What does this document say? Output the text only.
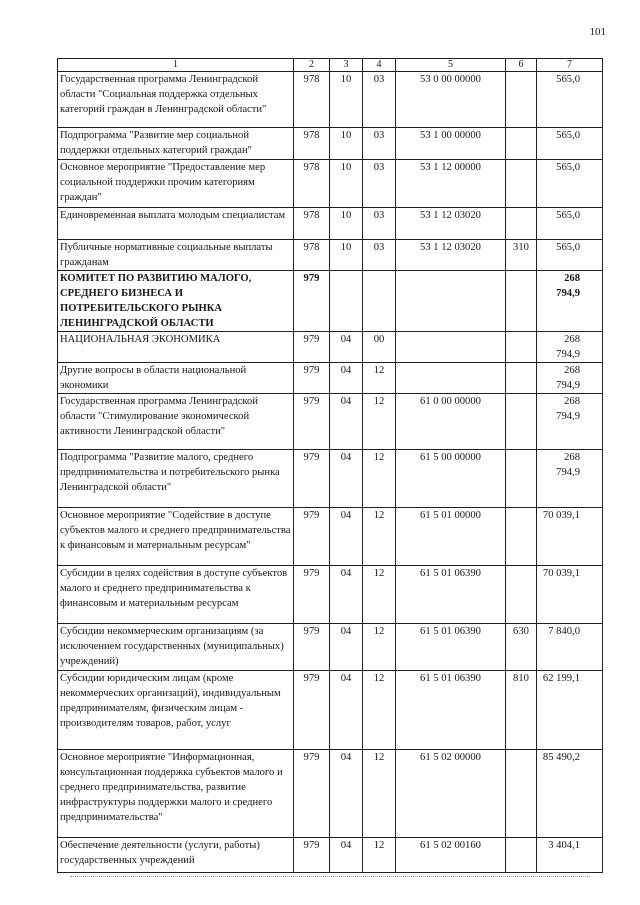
101
1	2	3	4	5	6	7
Государственная программа Ленинградской области "Социальная поддержка отдельных категорий граждан в Ленинградской области"	978	10	03	53 0 00 00000		565,0
Подпрограмма "Развитие мер социальной поддержки отдельных категорий граждан"	978	10	03	53 1 00 00000		565,0
Основное мероприятие "Предоставление мер социальной поддержки прочим категориям граждан"	978	10	03	53 1 12 00000		565,0
Единовременная выплата молодым специалистам	978	10	03	53 1 12 03020		565,0
Публичные нормативные социальные выплаты гражданам	978	10	03	53 1 12 03020	310	565,0
КОМИТЕТ ПО РАЗВИТИЮ МАЛОГО, СРЕДНЕГО БИЗНЕСА И ПОТРЕБИТЕЛЬСКОГО РЫНКА ЛЕНИНГРАДСКОЙ ОБЛАСТИ	979					268 794,9
НАЦИОНАЛЬНАЯ ЭКОНОМИКА	979	04	00			268 794,9
Другие вопросы в области национальной экономики	979	04	12			268 794,9
Государственная программа Ленинградской области "Стимулирование экономической активности Ленинградской области"	979	04	12	61 0 00 00000		268 794,9
Подпрограмма "Развитие малого, среднего предпринимательства и потребительского рынка Ленинградской области"	979	04	12	61 5 00 00000		268 794,9
Основное мероприятие "Содействие в доступе субъектов малого и среднего предпринимательства к финансовым и материальным ресурсам"	979	04	12	61 5 01 00000		70 039,1
Субсидии в целях содействия в доступе субъектов малого и среднего предпринимательства к финансовым и материальным ресурсам	979	04	12	61 5 01 06390		70 039,1
Субсидии некоммерческим организациям (за исключением государственных (муниципальных) учреждений)	979	04	12	61 5 01 06390	630	7 840,0
Субсидии юридическим лицам (кроме некоммерческих организаций), индивидуальным предпринимателям, физическим лицам - производителям товаров, работ, услуг	979	04	12	61 5 01 06390	810	62 199,1
Основное мероприятие "Информационная, консультационная поддержка субъектов малого и среднего предпринимательства, развитие инфраструктуры поддержки малого и среднего предпринимательства"	979	04	12	61 5 02 00000		85 490,2
Обеспечение деятельности (услуги, работы) государственных учреждений	979	04	12	61 5 02 00160		3 404,1
